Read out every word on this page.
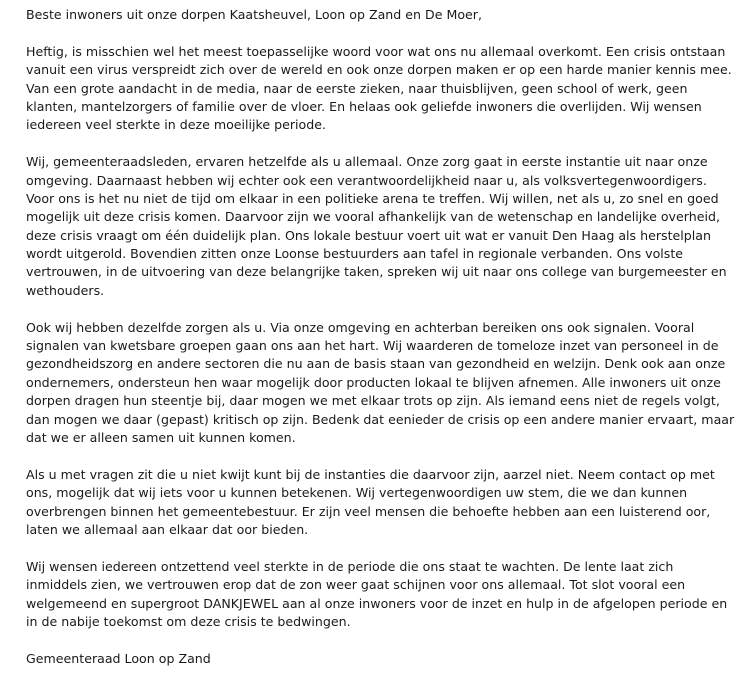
Beste inwoners uit onze dorpen Kaatsheuvel, Loon op Zand en De Moer,
Heftig, is misschien wel het meest toepasselijke woord voor wat ons nu allemaal overkomt. Een crisis ontstaan
vanuit een virus verspreidt zich over de wereld en ook onze dorpen maken er op een harde manier kennis mee.
Van een grote aandacht in de media, naar de eerste zieken, naar thuisblijven, geen school of werk, geen
klanten, mantelzorgers of familie over de vloer. En helaas ook geliefde inwoners die overlijden. Wij wensen
iedereen veel sterkte in deze moeilijke periode.
Wij, gemeenteraadsleden, ervaren hetzelfde als u allemaal. Onze zorg gaat in eerste instantie uit naar onze
omgeving. Daarnaast hebben wij echter ook een verantwoordelijkheid naar u, als volksvertegenwoordigers.
Voor ons is het nu niet de tijd om elkaar in een politieke arena te treffen. Wij willen, net als u, zo snel en goed
mogelijk uit deze crisis komen. Daarvoor zijn we vooral afhankelijk van de wetenschap en landelijke overheid,
deze crisis vraagt om één duidelijk plan. Ons lokale bestuur voert uit wat er vanuit Den Haag als herstelplan
wordt uitgerold. Bovendien zitten onze Loonse bestuurders aan tafel in regionale verbanden. Ons volste
vertrouwen, in de uitvoering van deze belangrijke taken, spreken wij uit naar ons college van burgemeester en
wethouders.
Ook wij hebben dezelfde zorgen als u. Via onze omgeving en achterban bereiken ons ook signalen. Vooral
signalen van kwetsbare groepen gaan ons aan het hart. Wij waarderen de tomeloze inzet van personeel in de
gezondheidszorg en andere sectoren die nu aan de basis staan van gezondheid en welzijn. Denk ook aan onze
ondernemers, ondersteun hen waar mogelijk door producten lokaal te blijven afnemen. Alle inwoners uit onze
dorpen dragen hun steentje bij, daar mogen we met elkaar trots op zijn. Als iemand eens niet de regels volgt,
dan mogen we daar (gepast) kritisch op zijn. Bedenk dat eenieder de crisis op een andere manier ervaart, maar
dat we er alleen samen uit kunnen komen.
Als u met vragen zit die u niet kwijt kunt bij de instanties die daarvoor zijn, aarzel niet. Neem contact op met
ons, mogelijk dat wij iets voor u kunnen betekenen. Wij vertegenwoordigen uw stem, die we dan kunnen
overbrengen binnen het gemeentebestuur. Er zijn veel mensen die behoefte hebben aan een luisterend oor,
laten we allemaal aan elkaar dat oor bieden.
Wij wensen iedereen ontzettend veel sterkte in de periode die ons staat te wachten. De lente laat zich
inmiddels zien, we vertrouwen erop dat de zon weer gaat schijnen voor ons allemaal. Tot slot vooral een
welgemeend en supergroot DANKJEWEL aan al onze inwoners voor de inzet en hulp in de afgelopen periode en
in de nabije toekomst om deze crisis te bedwingen.
Gemeenteraad Loon op Zand
